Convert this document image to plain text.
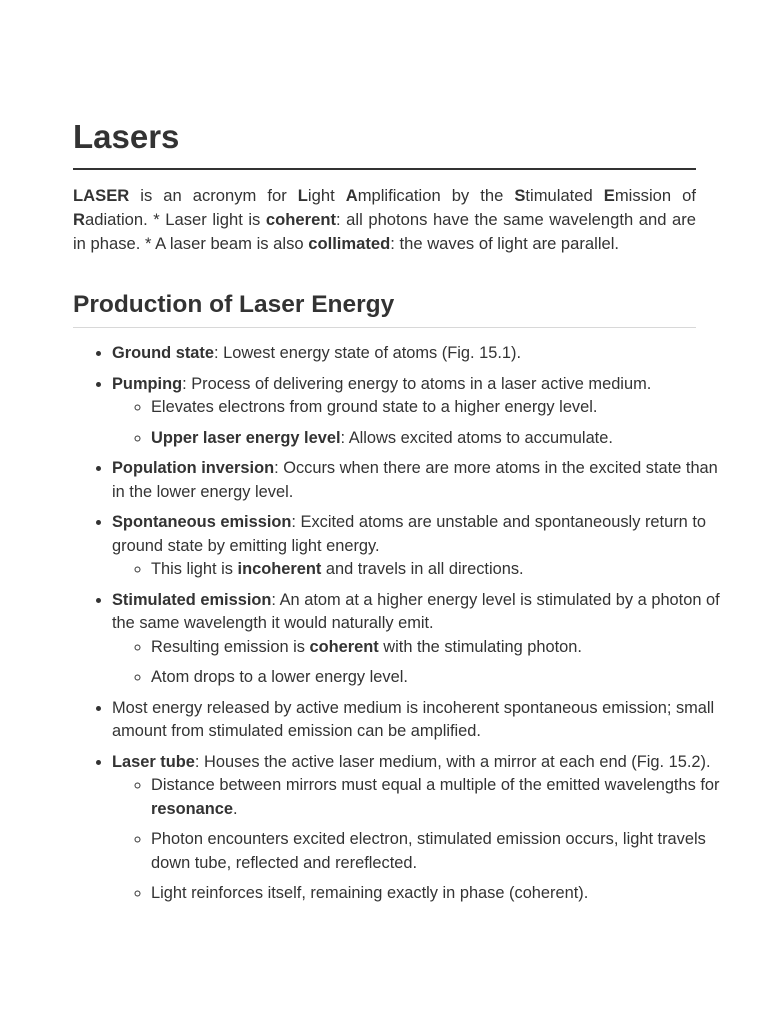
Lasers

LASER is an acronym for Light Amplification by the Stimulated Emission of Radiation. * Laser light is coherent: all photons have the same wavelength and are in phase. * A laser beam is also collimated: the waves of light are parallel.

Production of Laser Energy
• Ground state: Lowest energy state of atoms (Fig. 15.1).
• Pumping: Process of delivering energy to atoms in a laser active medium.
◦ Elevates electrons from ground state to a higher energy level.
◦ Upper laser energy level: Allows excited atoms to accumulate.
• Population inversion: Occurs when there are more atoms in the excited state than in the lower energy level.
• Spontaneous emission: Excited atoms are unstable and spontaneously return to ground state by emitting light energy.
◦ This light is incoherent and travels in all directions.
• Stimulated emission: An atom at a higher energy level is stimulated by a photon of the same wavelength it would naturally emit.
◦ Resulting emission is coherent with the stimulating photon.
◦ Atom drops to a lower energy level.
• Most energy released by active medium is incoherent spontaneous emission; small amount from stimulated emission can be amplified.
• Laser tube: Houses the active laser medium, with a mirror at each end (Fig. 15.2).
◦ Distance between mirrors must equal a multiple of the emitted wavelengths for resonance.
◦ Photon encounters excited electron, stimulated emission occurs, light travels down tube, reflected and rereflected.
◦ Light reinforces itself, remaining exactly in phase (coherent).
